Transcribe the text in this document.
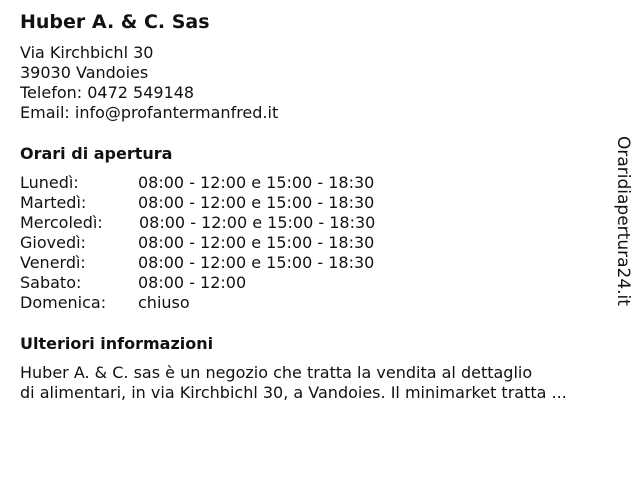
Huber A. & C. Sas
Via Kirchbichl 30
39030 Vandoies
Telefon: 0472 549148
Email: info@profantermanfred.it
Orari di apertura
Lunedì:	08:00 - 12:00 e 15:00 - 18:30
Martedì:	08:00 - 12:00 e 15:00 - 18:30
Mercoledì: 08:00 - 12:00 e 15:00 - 18:30
Giovedì:	08:00 - 12:00 e 15:00 - 18:30
Venerdì:	08:00 - 12:00 e 15:00 - 18:30
Sabato:	08:00 - 12:00
Domenica: chiuso
Ulteriori informazioni
Huber A. & C. sas è un negozio che tratta la vendita al dettaglio
di alimentari, in via Kirchbichl 30, a Vandoies. Il minimarket tratta ...
Oraridiapertura24.it
